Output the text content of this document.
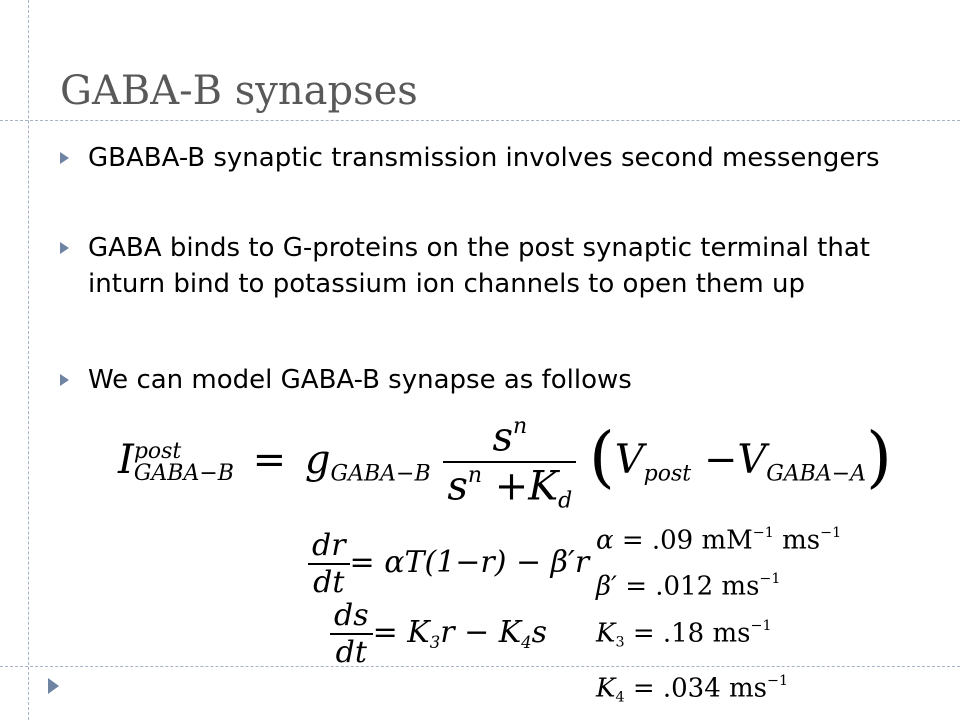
GABA-B synapses
GBABA-B synaptic transmission involves second messengers
GABA binds to G-proteins on the post synaptic terminal that inturn bind to potassium ion channels to open them up
We can model GABA-B synapse as follows
I post
GABA−B = $g_{GABA-B} \frac{s^n}{s^n +K_d} (V_{post} -V_{GABA-A})$
$\frac{dr}{dt} = \alpha T(1-r) - \beta'r$
$\frac{ds}{dt} = K_3r - K_4s$
α = .09 $mM^{-1}$ $ms^{-1}$
β′ = .012 $ms^{-1}$
$K_3 = .18$ $ms^{-1}$
$K_4 = .034$ $ms^{-1}$
